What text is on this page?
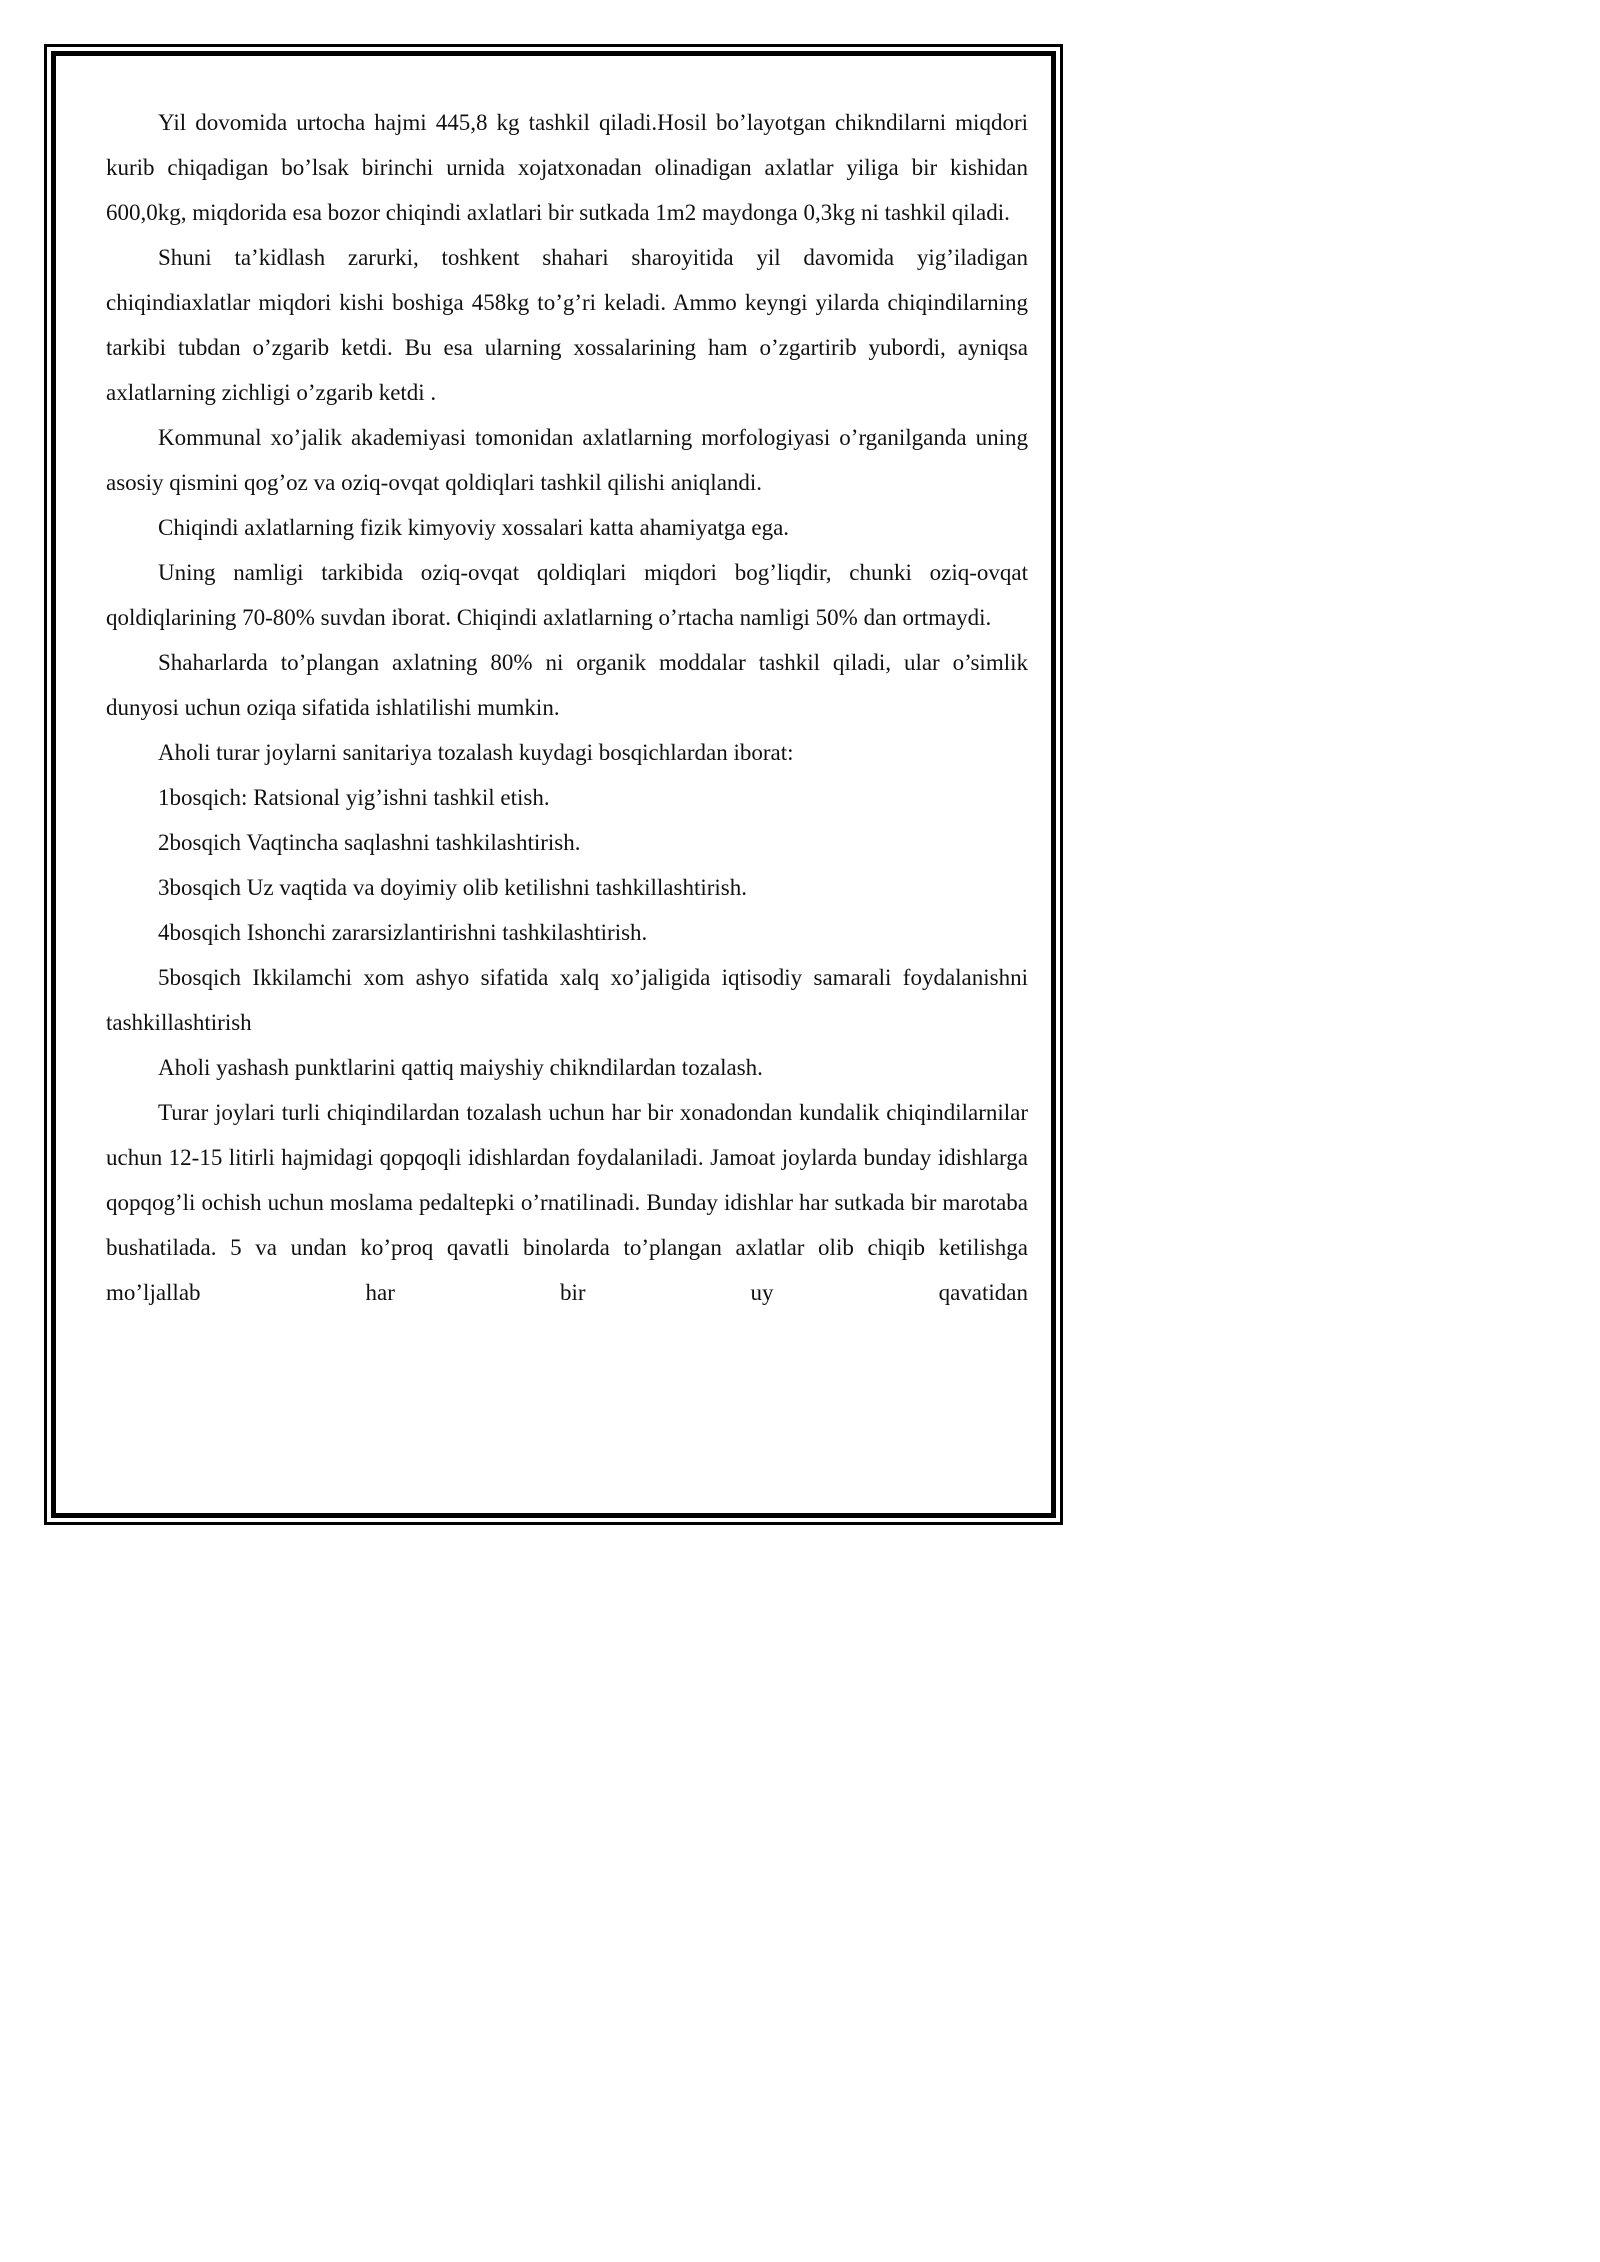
Yil dovomida urtocha hajmi 445,8 kg tashkil qiladi.Hosil bo’layotgan chikndilarni miqdori kurib chiqadigan bo’lsak birinchi urnida xojatxonadan olinadigan axlatlar yiliga bir kishidan 600,0kg, miqdorida esa bozor chiqindi axlatlari bir sutkada 1m2 maydonga 0,3kg ni tashkil qiladi.

Shuni ta’kidlash zarurki, toshkent shahari sharoyitida yil davomida yig’iladigan chiqindiaxlatlar miqdori kishi boshiga 458kg to’g’ri keladi. Ammo keyngi yilarda chiqindilarning tarkibi tubdan o’zgarib ketdi. Bu esa ularning xossalarining ham o’zgartirib yubordi, ayniqsa axlatlarning zichligi o’zgarib ketdi .

Kommunal xo’jalik akademiyasi tomonidan axlatlarning morfologiyasi o’rganilganda uning asosiy qismini qog’oz va oziq-ovqat qoldiqlari tashkil qilishi aniqlandi.

Chiqindi axlatlarning fizik kimyoviy xossalari katta ahamiyatga ega.

Uning namligi tarkibida oziq-ovqat qoldiqlari miqdori bog’liqdir, chunki oziq-ovqat qoldiqlarining 70-80% suvdan iborat. Chiqindi axlatlarning o’rtacha namligi 50% dan ortmaydi.

Shaharlarda to’plangan axlatning 80% ni organik moddalar tashkil qiladi, ular o’simlik dunyosi uchun oziqa sifatida ishlatilishi mumkin.

Aholi turar joylarni sanitariya tozalash kuydagi bosqichlardan iborat:

1bosqich: Ratsional yig’ishni tashkil etish.

2bosqich Vaqtincha saqlashni tashkilashtirish.

3bosqich Uz vaqtida va doyimiy olib ketilishni tashkillashtirish.

4bosqich Ishonchi zararsizlantirishni tashkilashtirish.

5bosqich Ikkilamchi xom ashyo sifatida xalq xo’jaligida iqtisodiy samarali foydalanishni tashkillashtirish

Aholi yashash punktlarini qattiq maiyshiy chikndilardan tozalash.

Turar joylari turli chiqindilardan tozalash uchun har bir xonadondan kundalik chiqindilarnilar uchun 12-15 litirli hajmidagi qopqoqli idishlardan foydalaniladi. Jamoat joylarda bunday idishlarga qopqog’li ochish uchun moslama pedaltepki o’rnatilinadi. Bunday idishlar har sutkada bir marotaba bushatilada. 5 va undan ko’proq qavatli binolarda to’plangan axlatlar olib chiqib ketilishga mo’ljallab har bir uy qavatidan
